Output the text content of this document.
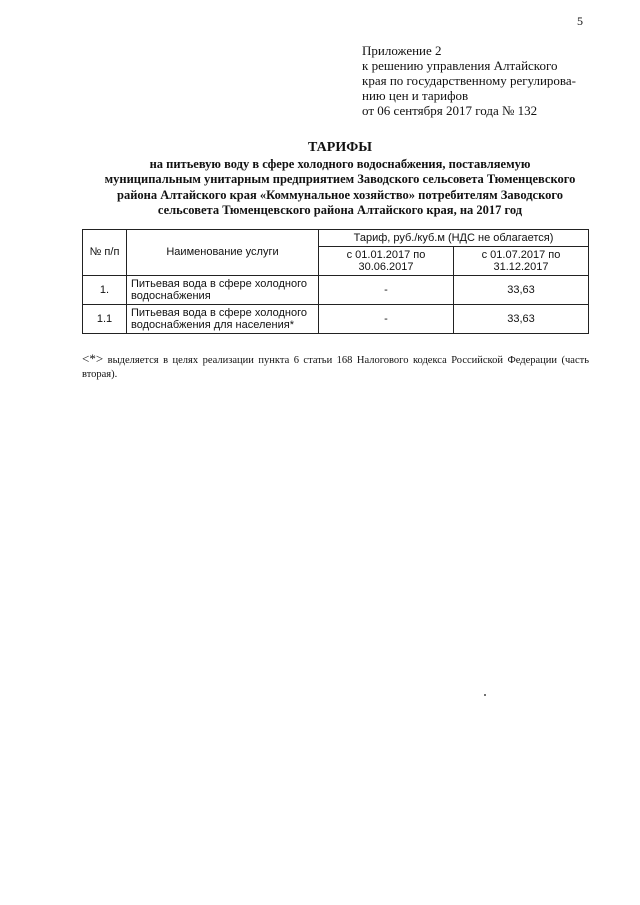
5
Приложение 2
к решению управления Алтайского
края по государственному регулирова-
нию цен и тарифов
от 06 сентября 2017 года № 132
ТАРИФЫ
на питьевую воду в сфере холодного водоснабжения, поставляемую
муниципальным унитарным предприятием Заводского сельсовета Тюменцевского
района Алтайского края «Коммунальное хозяйство» потребителям Заводского
сельсовета Тюменцевского района Алтайского края, на 2017 год
№ п/п	Наименование услуги	Тариф, руб./куб.м (НДС не облагается)	
		с 01.01.2017 по 30.06.2017	с 01.07.2017 по 31.12.2017
1.	Питьевая вода в сфере холодного водоснабжения	-	33,63
1.1	Питьевая вода в сфере холодного водоснабжения для населения*	-	33,63
<*> выделяется в целях реализации пункта 6 статьи 168 Налогового кодекса Российской Федерации (часть вторая).
